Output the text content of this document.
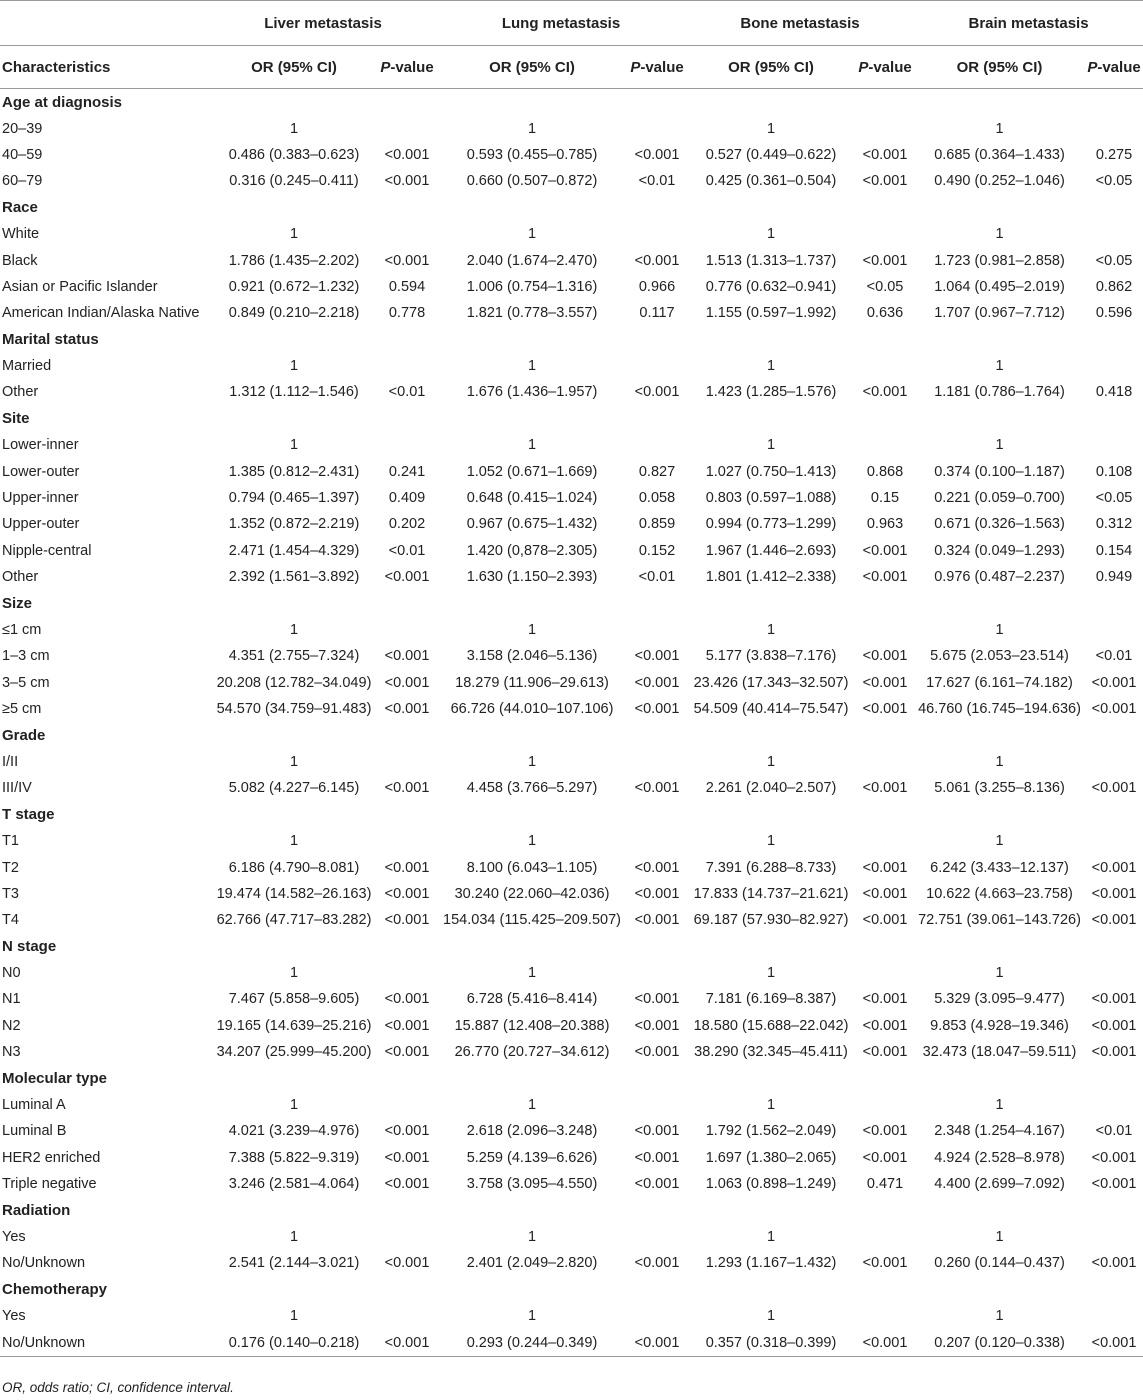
	Liver metastasis		Lung metastasis		Bone metastasis		Brain metastasis	
Characteristics	OR (95% CI)	P-value	OR (95% CI)	P-value	OR (95% CI)	P-value	OR (95% CI)	P-value
Age at diagnosis								
20–39	1		1		1		1	
40–59	0.486 (0.383–0.623)	<0.001	0.593 (0.455–0.785)	<0.001	0.527 (0.449–0.622)	<0.001	0.685 (0.364–1.433)	0.275
60–79	0.316 (0.245–0.411)	<0.001	0.660 (0.507–0.872)	<0.01	0.425 (0.361–0.504)	<0.001	0.490 (0.252–1.046)	<0.05
Race								
White	1		1		1		1	
Black	1.786 (1.435–2.202)	<0.001	2.040 (1.674–2.470)	<0.001	1.513 (1.313–1.737)	<0.001	1.723 (0.981–2.858)	<0.05
Asian or Pacific Islander	0.921 (0.672–1.232)	0.594	1.006 (0.754–1.316)	0.966	0.776 (0.632–0.941)	<0.05	1.064 (0.495–2.019)	0.862
American Indian/Alaska Native	0.849 (0.210–2.218)	0.778	1.821 (0.778–3.557)	0.117	1.155 (0.597–1.992)	0.636	1.707 (0.967–7.712)	0.596
Marital status								
Married	1		1		1		1	
Other	1.312 (1.112–1.546)	<0.01	1.676 (1.436–1.957)	<0.001	1.423 (1.285–1.576)	<0.001	1.181 (0.786–1.764)	0.418
Site								
Lower-inner	1		1		1		1	
Lower-outer	1.385 (0.812–2.431)	0.241	1.052 (0.671–1.669)	0.827	1.027 (0.750–1.413)	0.868	0.374 (0.100–1.187)	0.108
Upper-inner	0.794 (0.465–1.397)	0.409	0.648 (0.415–1.024)	0.058	0.803 (0.597–1.088)	0.15	0.221 (0.059–0.700)	<0.05
Upper-outer	1.352 (0.872–2.219)	0.202	0.967 (0.675–1.432)	0.859	0.994 (0.773–1.299)	0.963	0.671 (0.326–1.563)	0.312
Nipple-central	2.471 (1.454–4.329)	<0.01	1.420 (0,878–2.305)	0.152	1.967 (1.446–2.693)	<0.001	0.324 (0.049–1.293)	0.154
Other	2.392 (1.561–3.892)	<0.001	1.630 (1.150–2.393)	<0.01	1.801 (1.412–2.338)	<0.001	0.976 (0.487–2.237)	0.949
Size								
≤1 cm	1		1		1		1	
1–3 cm	4.351 (2.755–7.324)	<0.001	3.158 (2.046–5.136)	<0.001	5.177 (3.838–7.176)	<0.001	5.675 (2.053–23.514)	<0.01
3–5 cm	20.208 (12.782–34.049)	<0.001	18.279 (11.906–29.613)	<0.001	23.426 (17.343–32.507)	<0.001	17.627 (6.161–74.182)	<0.001
≥5 cm	54.570 (34.759–91.483)	<0.001	66.726 (44.010–107.106)	<0.001	54.509 (40.414–75.547)	<0.001	46.760 (16.745–194.636)	<0.001
Grade								
I/II	1		1		1		1	
III/IV	5.082 (4.227–6.145)	<0.001	4.458 (3.766–5.297)	<0.001	2.261 (2.040–2.507)	<0.001	5.061 (3.255–8.136)	<0.001
T stage								
T1	1		1		1		1	
T2	6.186 (4.790–8.081)	<0.001	8.100 (6.043–1.105)	<0.001	7.391 (6.288–8.733)	<0.001	6.242 (3.433–12.137)	<0.001
T3	19.474 (14.582–26.163)	<0.001	30.240 (22.060–42.036)	<0.001	17.833 (14.737–21.621)	<0.001	10.622 (4.663–23.758)	<0.001
T4	62.766 (47.717–83.282)	<0.001	154.034 (115.425–209.507)	<0.001	69.187 (57.930–82.927)	<0.001	72.751 (39.061–143.726)	<0.001
N stage								
N0	1		1		1		1	
N1	7.467 (5.858–9.605)	<0.001	6.728 (5.416–8.414)	<0.001	7.181 (6.169–8.387)	<0.001	5.329 (3.095–9.477)	<0.001
N2	19.165 (14.639–25.216)	<0.001	15.887 (12.408–20.388)	<0.001	18.580 (15.688–22.042)	<0.001	9.853 (4.928–19.346)	<0.001
N3	34.207 (25.999–45.200)	<0.001	26.770 (20.727–34.612)	<0.001	38.290 (32.345–45.411)	<0.001	32.473 (18.047–59.511)	<0.001
Molecular type								
Luminal A	1		1		1		1	
Luminal B	4.021 (3.239–4.976)	<0.001	2.618 (2.096–3.248)	<0.001	1.792 (1.562–2.049)	<0.001	2.348 (1.254–4.167)	<0.01
HER2 enriched	7.388 (5.822–9.319)	<0.001	5.259 (4.139–6.626)	<0.001	1.697 (1.380–2.065)	<0.001	4.924 (2.528–8.978)	<0.001
Triple negative	3.246 (2.581–4.064)	<0.001	3.758 (3.095–4.550)	<0.001	1.063 (0.898–1.249)	0.471	4.400 (2.699–7.092)	<0.001
Radiation								
Yes	1		1		1		1	
No/Unknown	2.541 (2.144–3.021)	<0.001	2.401 (2.049–2.820)	<0.001	1.293 (1.167–1.432)	<0.001	0.260 (0.144–0.437)	<0.001
Chemotherapy								
Yes	1		1		1		1	
No/Unknown	0.176 (0.140–0.218)	<0.001	0.293 (0.244–0.349)	<0.001	0.357 (0.318–0.399)	<0.001	0.207 (0.120–0.338)	<0.001
OR, odds ratio; CI, confidence interval.
